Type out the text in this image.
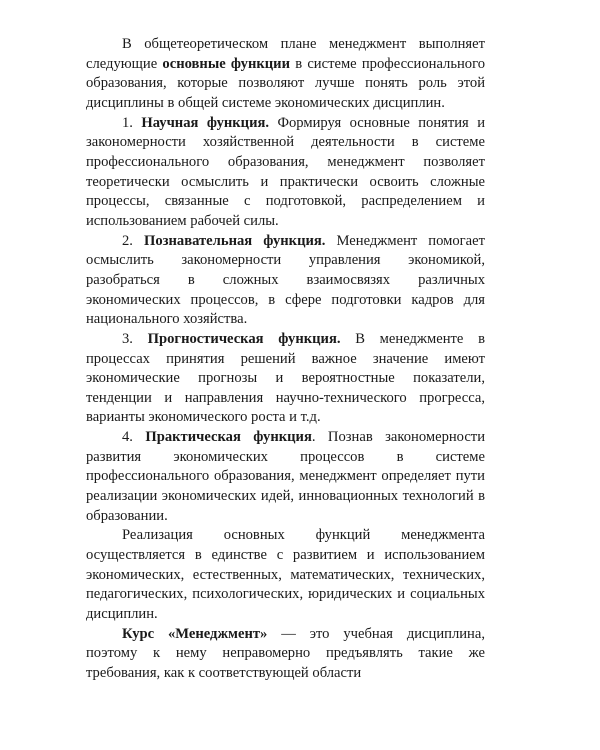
В общетеоретическом плане менеджмент выполняет следующие основные функции в системе профессионального образования, которые позволяют лучше понять роль этой дисциплины в общей системе экономических дисциплин.

1. Научная функция. Формируя основные понятия и закономерности хозяйственной деятельности в системе профессионального образования, менеджмент позволяет теоретически осмыслить и практически освоить сложные процессы, связанные с подготовкой, распределением и использованием рабочей силы.

2. Познавательная функция. Менеджмент помогает осмыслить закономерности управления экономикой, разобраться в сложных взаимосвязях различных экономических процессов, в сфере подготовки кадров для национального хозяйства.

3. Прогностическая функция. В менеджменте в процессах принятия решений важное значение имеют экономические прогнозы и вероятностные показатели, тенденции и направления научно-технического прогресса, варианты экономического роста и т.д.

4. Практическая функция. Познав закономерности развития экономических процессов в системе профессионального образования, менеджмент определяет пути реализации экономических идей, инновационных технологий в образовании.

Реализация основных функций менеджмента осуществляется в единстве с развитием и использованием экономических, естественных, математических, технических, педагогических, психологических, юридических и социальных дисциплин.

Курс «Менеджмент» — это учебная дисциплина, поэтому к нему неправомерно предъявлять такие же требования, как к соответствующей области
